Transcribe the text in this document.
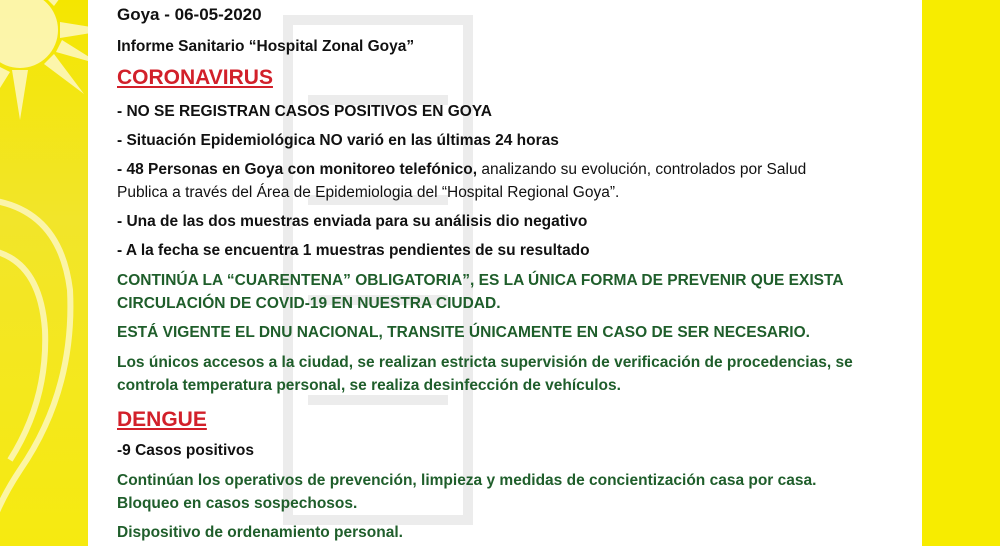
Goya - 06-05-2020
Informe Sanitario “Hospital Zonal Goya”
CORONAVIRUS
- NO SE REGISTRAN CASOS POSITIVOS EN GOYA
- Situación Epidemiológica NO varió en las últimas 24 horas
- 48 Personas en Goya con monitoreo telefónico, analizando su evolución, controlados por Salud
Publica a través del Área de Epidemiologia del “Hospital Regional Goya”.
- Una de las dos muestras enviada para su análisis dio negativo
- A la fecha se encuentra 1 muestras pendientes de su resultado
CONTINÚA LA “CUARENTENA” OBLIGATORIA”, ES LA ÚNICA FORMA DE PREVENIR QUE EXISTA
CIRCULACIÓN DE COVID-19 EN NUESTRA CIUDAD.
ESTÁ VIGENTE EL DNU NACIONAL, TRANSITE ÚNICAMENTE EN CASO DE SER NECESARIO.
Los únicos accesos a la ciudad, se realizan estricta supervisión de verificación de procedencias, se
controla temperatura personal, se realiza desinfección de vehículos.
DENGUE
-9 Casos positivos
Continúan los operativos de prevención, limpieza y medidas de concientización casa por casa.
Bloqueo en casos sospechosos.
Dispositivo de ordenamiento personal.
